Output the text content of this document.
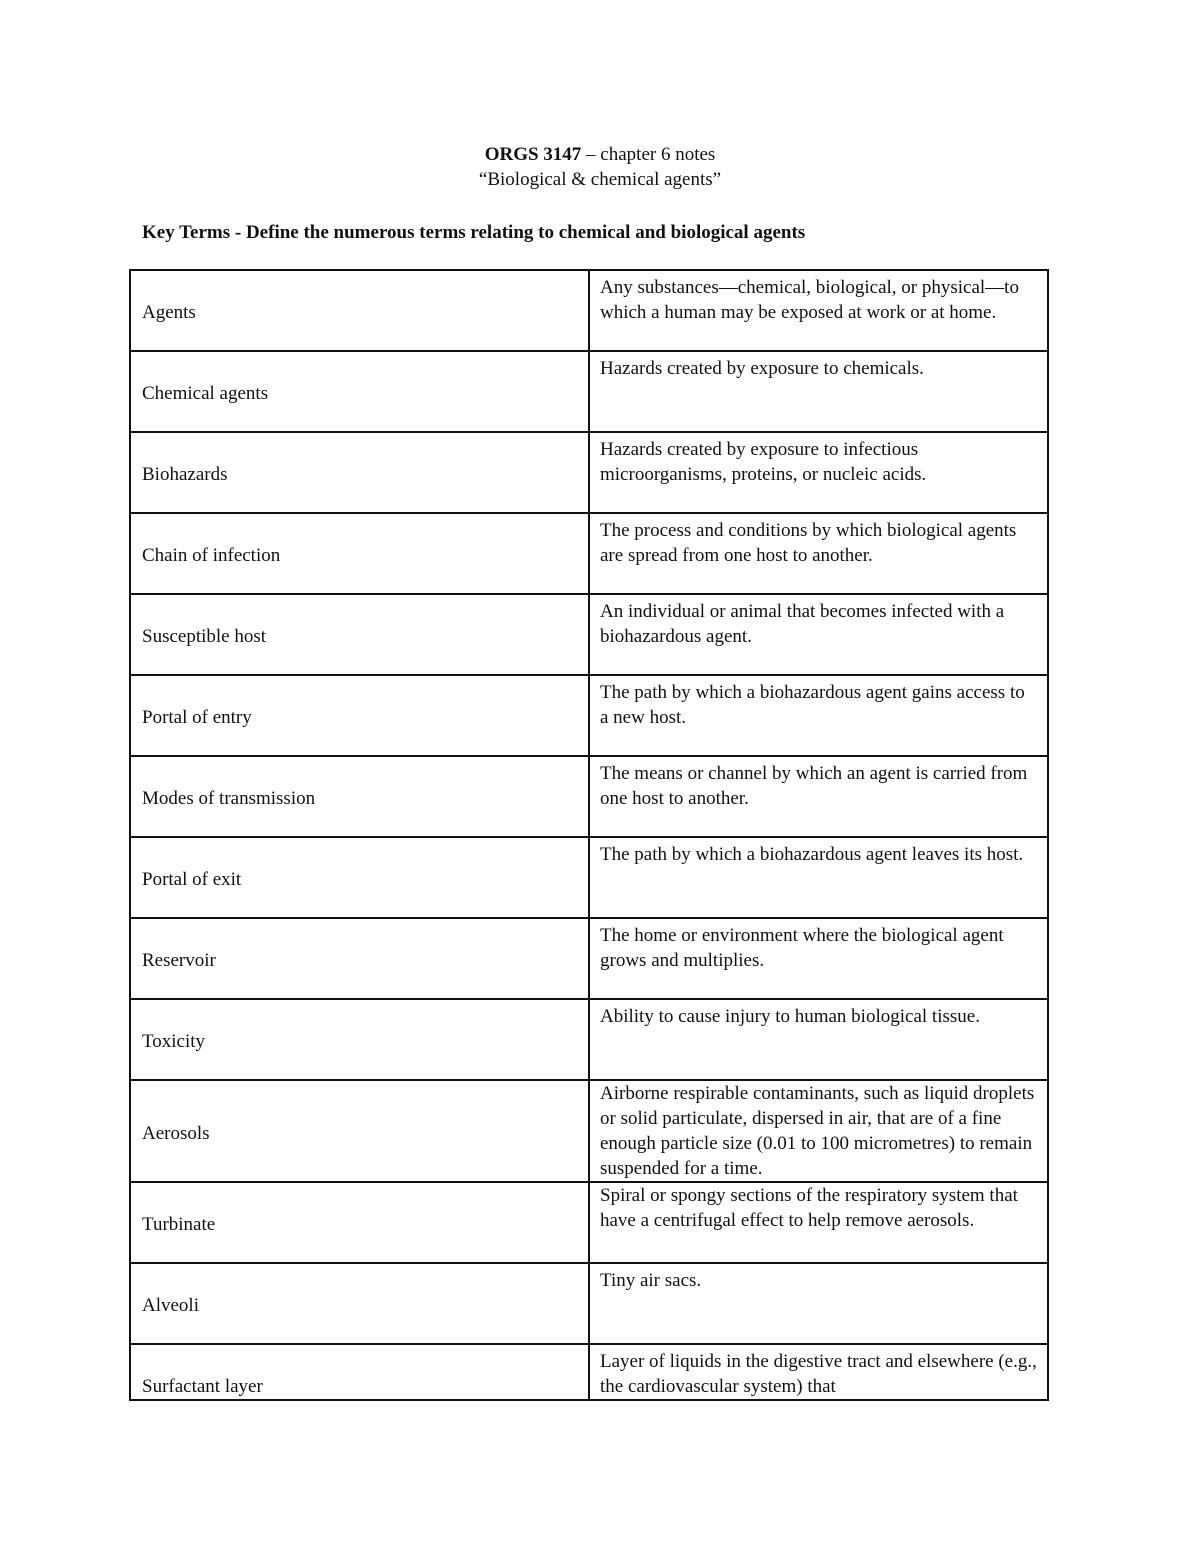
ORGS 3147 – chapter 6 notes
“Biological & chemical agents”
Key Terms - Define the numerous terms relating to chemical and biological agents
Agents	Any substances—chemical, biological, or physical—to which a human may be exposed at work or at home.
Chemical agents	Hazards created by exposure to chemicals.
Biohazards	Hazards created by exposure to infectious microorganisms, proteins, or nucleic acids.
Chain of infection	The process and conditions by which biological agents are spread from one host to another.
Susceptible host	An individual or animal that becomes infected with a biohazardous agent.
Portal of entry	The path by which a biohazardous agent gains access to a new host.
Modes of transmission	The means or channel by which an agent is carried from one host to another.
Portal of exit	The path by which a biohazardous agent leaves its host.
Reservoir	The home or environment where the biological agent grows and multiplies.
Toxicity	Ability to cause injury to human biological tissue.
Aerosols	Airborne respirable contaminants, such as liquid droplets or solid particulate, dispersed in air, that are of a fine enough particle size (0.01 to 100 micrometres) to remain suspended for a time.
Turbinate	Spiral or spongy sections of the respiratory system that have a centrifugal effect to help remove aerosols.
Alveoli	Tiny air sacs.
Surfactant layer	Layer of liquids in the digestive tract and elsewhere (e.g., the cardiovascular system) that
